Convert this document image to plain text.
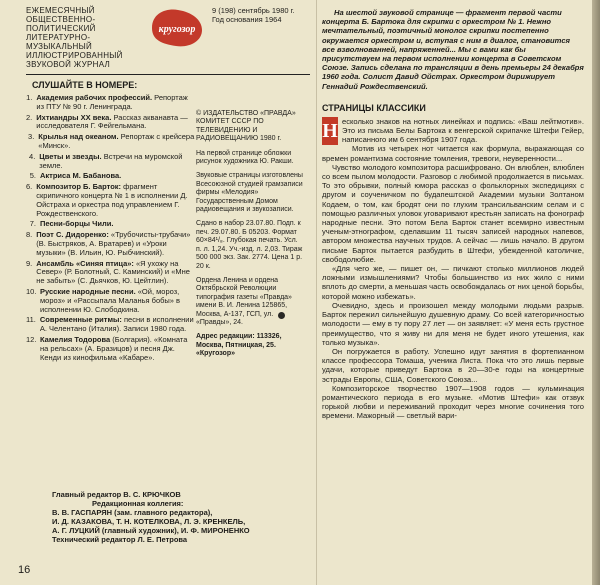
ЕЖЕМЕСЯЧНЫЙ
ОБЩЕСТВЕННО-ПОЛИТИЧЕСКИЙ
ЛИТЕРАТУРНО-МУЗЫКАЛЬНЫЙ
ИЛЛЮСТРИРОВАННЫЙ
ЗВУКОВОЙ ЖУРНАЛ
кругозор
9 (198) сентябрь 1980 г.
Год основания 1964
СЛУШАЙТЕ В НОМЕРЕ:
1. Академия рабочих профессий. Репортаж из ПТУ № 90 г. Ленинграда.
2. Ихтиандры XX века. Рассказ акванавта — исследователя Г. Фейгельмана.
3. Крылья над океаном. Репортаж с крейсера «Минск».
4. Цветы и звезды. Встречи на муромской земле.
5. Актриса М. Бабанова.
6. Композитор Б. Барток: фрагмент скрипичного концерта № 1 в исполнении Д. Ойстраха и оркестра под управлением Г. Рождественского.
7. Песни-борцы Чили.
8. Поэт С. Дидоренко: «Трубочисты-трубачи» (В. Быстряков, А. Вратарев) и «Уроки музыки» (В. Ильин, Ю. Рыбчинский).
9. Ансамбль «Синяя птица»: «Я ухожу на Север» (Р. Болотный, С. Каминский) и «Мне не забыть» (С. Дьячков, Ю. Цейтлин).
10. Русские народные песни. «Ой, мороз, мороз» и «Рассыпала Маланья бобы» в исполнении Ю. Слободкина.
11. Современные ритмы: песни в исполнении А. Челентано (Италия). Записи 1980 года.
12. Камелия Тодорова (Болгария). «Комната на рельсах» (А. Бразицов) и песня Дж. Кенди из кинофильма «Кабаре».
© ИЗДАТЕЛЬСТВО «ПРАВДА» КОМИТЕТ СССР ПО ТЕЛЕВИДЕНИЮ И РАДИОВЕЩАНИЮ 1980 г.
На первой странице обложки рисунок художника Ю. Ракши.
Звуковые страницы изготовлены Всесоюзной студией грамзаписи фирмы «Мелодия» Государственным Домом радиовещания и звукозаписи.
Сдано в набор 23.07.80. Подп. к печ. 29.07.80. Б 05203. Формат 60×84¹/₈. Глубокая печать. Усл. п. л. 1,24. Уч.-изд. л. 2,03. Тираж 500 000 экз. Зак. 2774. Цена 1 р. 20 к.
Ордена Ленина и ордена Октябрьской Революции типография газеты «Правда» имени В. И. Ленина 125865, Москва, А-137, ГСП, ул. «Правды», 24.
Адрес редакции: 113326, Москва, Пятницкая, 25. «Кругозор»
Главный редактор В. С. КРЮЧКОВ
Редакционная коллегия:
В. В. ГАСПАРЯН (зам. главного редактора),
И. Д. КАЗАКОВА, Т. Н. КОТЕЛКОВА, Л. Э. КРЕНКЕЛЬ,
А. Г. ЛУЦКИЙ (главный художник), И. Ф. МИРОНЕНКО
Технический редактор Л. Е. Петрова
16
На шестой звуковой странице — фрагмент первой части концерта Б. Бартока для скрипки с оркестром № 1. Нежно мечтательный, поэтичный монолог скрипки постепенно окружается оркестром и, вступая с ним в диалог, становится все взволнованней, напряженней... Мы с вами как бы присутствуем на первом исполнении концерта в Советском Союзе. Запись сделана по трансляции в день премьеры 24 декабря 1960 года. Солист Давид Ойстрах. Оркестром дирижирует Геннадий Рождественский.
СТРАНИЦЫ КЛАССИКИ

Н есколько знаков на нотных линейках и подпись: «Ваш лейтмотив». Это из письма Белы Бартока к венгерской скрипачке Штефи Гейер, написанного им 6 сентября 1907 года.

Мотив из четырех нот читается как формула, выражающая со времен романтизма состояние томления, тревоги, неуверенности...

Чувство молодого композитора расшифровано. Он влюблен, влюблен со всем пылом молодости. Разговор с любимой продолжается в письмах. То это обрывки, полный юмора рассказ о фольклорных экспедициях с другом и соученичком по будапештской Академии музыки Золтаном Кодаем, о том, как бродят они по глухим трансильванским селам и с помощью различных уловок уговаривают крестьян записать на фонограф народные песни. Это потом Бела Барток станет всемирно известным ученым-этнографом, сделавшим 11 тысяч записей народных напевов, автором множества научных трудов. А сейчас — лишь начало. В другом письме Барток пытается разбудить в Штефи, убежденной католичке, свободолюбие.

«Для чего же, — пишет он, — пичкают столько миллионов людей ложными измышлениями? Чтобы большинство из них жило с ними вплоть до смерти, а меньшая часть освобождалась от них ценой борьбы, которой можно избежать».

Очевидно, здесь и произошел между молодыми людьми разрыв. Барток пережил сильнейшую душевную драму. Со всей категоричностью молодости — ему в ту пору 27 лет — он заявляет: «У меня есть грустное преимущество, что я живу ни для меня не будет иного утешения, как только музыка».

Он погружается в работу. Успешно идут занятия в фортепианном классе профессора Томаша, ученика Листа. Пока что это лишь первые удачи, которые приведут Бартока в 20—30-е годы на концертные эстрады Европы, США, Советского Союза...

Композиторское творчество 1907—1908 годов — кульминация романтического периода в его музыке. «Мотив Штефи» как отзвук горькой любви и переживаний проходит через многие сочинения того времени. Мажорный — светлый вари-
